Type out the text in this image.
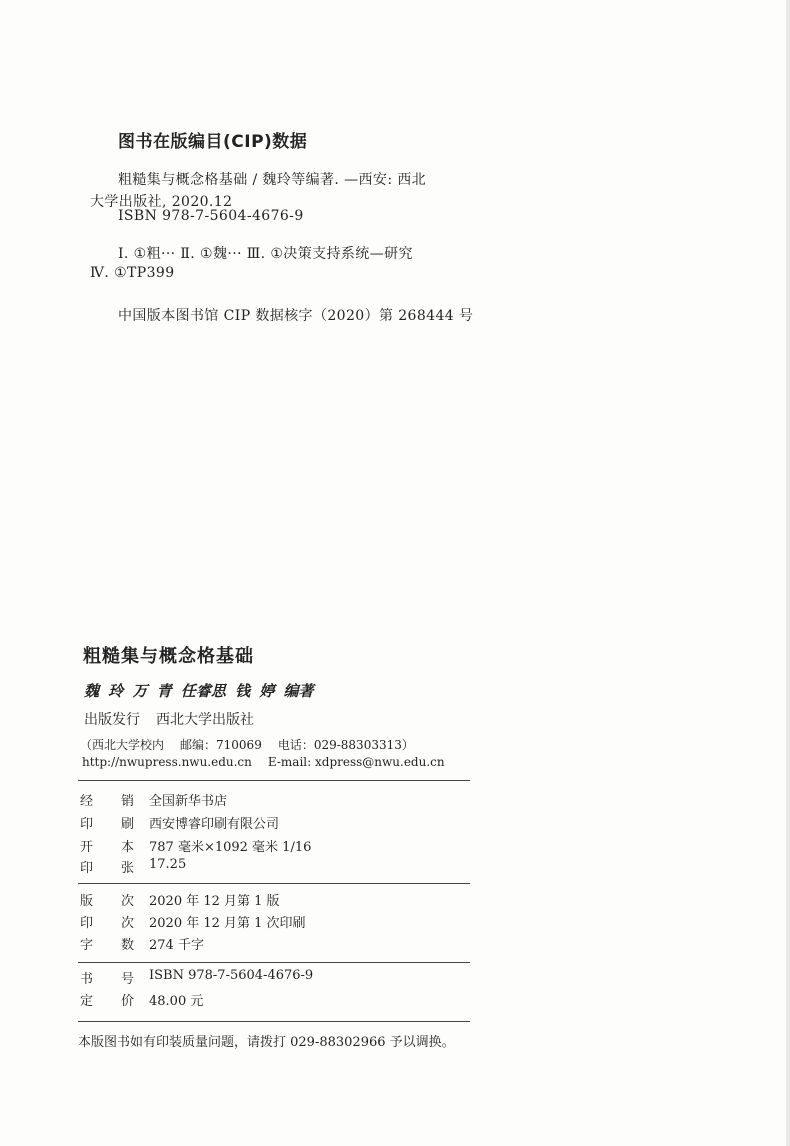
图书在版编目(CIP)数据
粗糙集与概念格基础 / 魏玲等编著. —西安: 西北
大学出版社, 2020.12
ISBN 978-7-5604-4676-9
Ⅰ. ①粗··· Ⅱ. ①魏··· Ⅲ. ①决策支持系统—研究
Ⅳ. ①TP399
中国版本图书馆 CIP 数据核字（2020）第 268444 号
粗糙集与概念格基础
魏 玲 万 青 任睿思 钱 婷 编著
出版发行 西北大学出版社
（西北大学校内 邮编：710069 电话：029-88303313）
http://nwupress.nwu.edu.cn E-mail: xdpress@nwu.edu.cn
经 销 全国新华书店
印 刷 西安博睿印刷有限公司
开 本 787 毫米×1092 毫米 1/16
印 张 17.25
版 次 2020 年 12 月第 1 版
印 次 2020 年 12 月第 1 次印刷
字 数 274 千字
书 号 ISBN 978-7-5604-4676-9
定 价 48.00 元
本版图书如有印装质量问题，请拨打 029-88302966 予以调换。
